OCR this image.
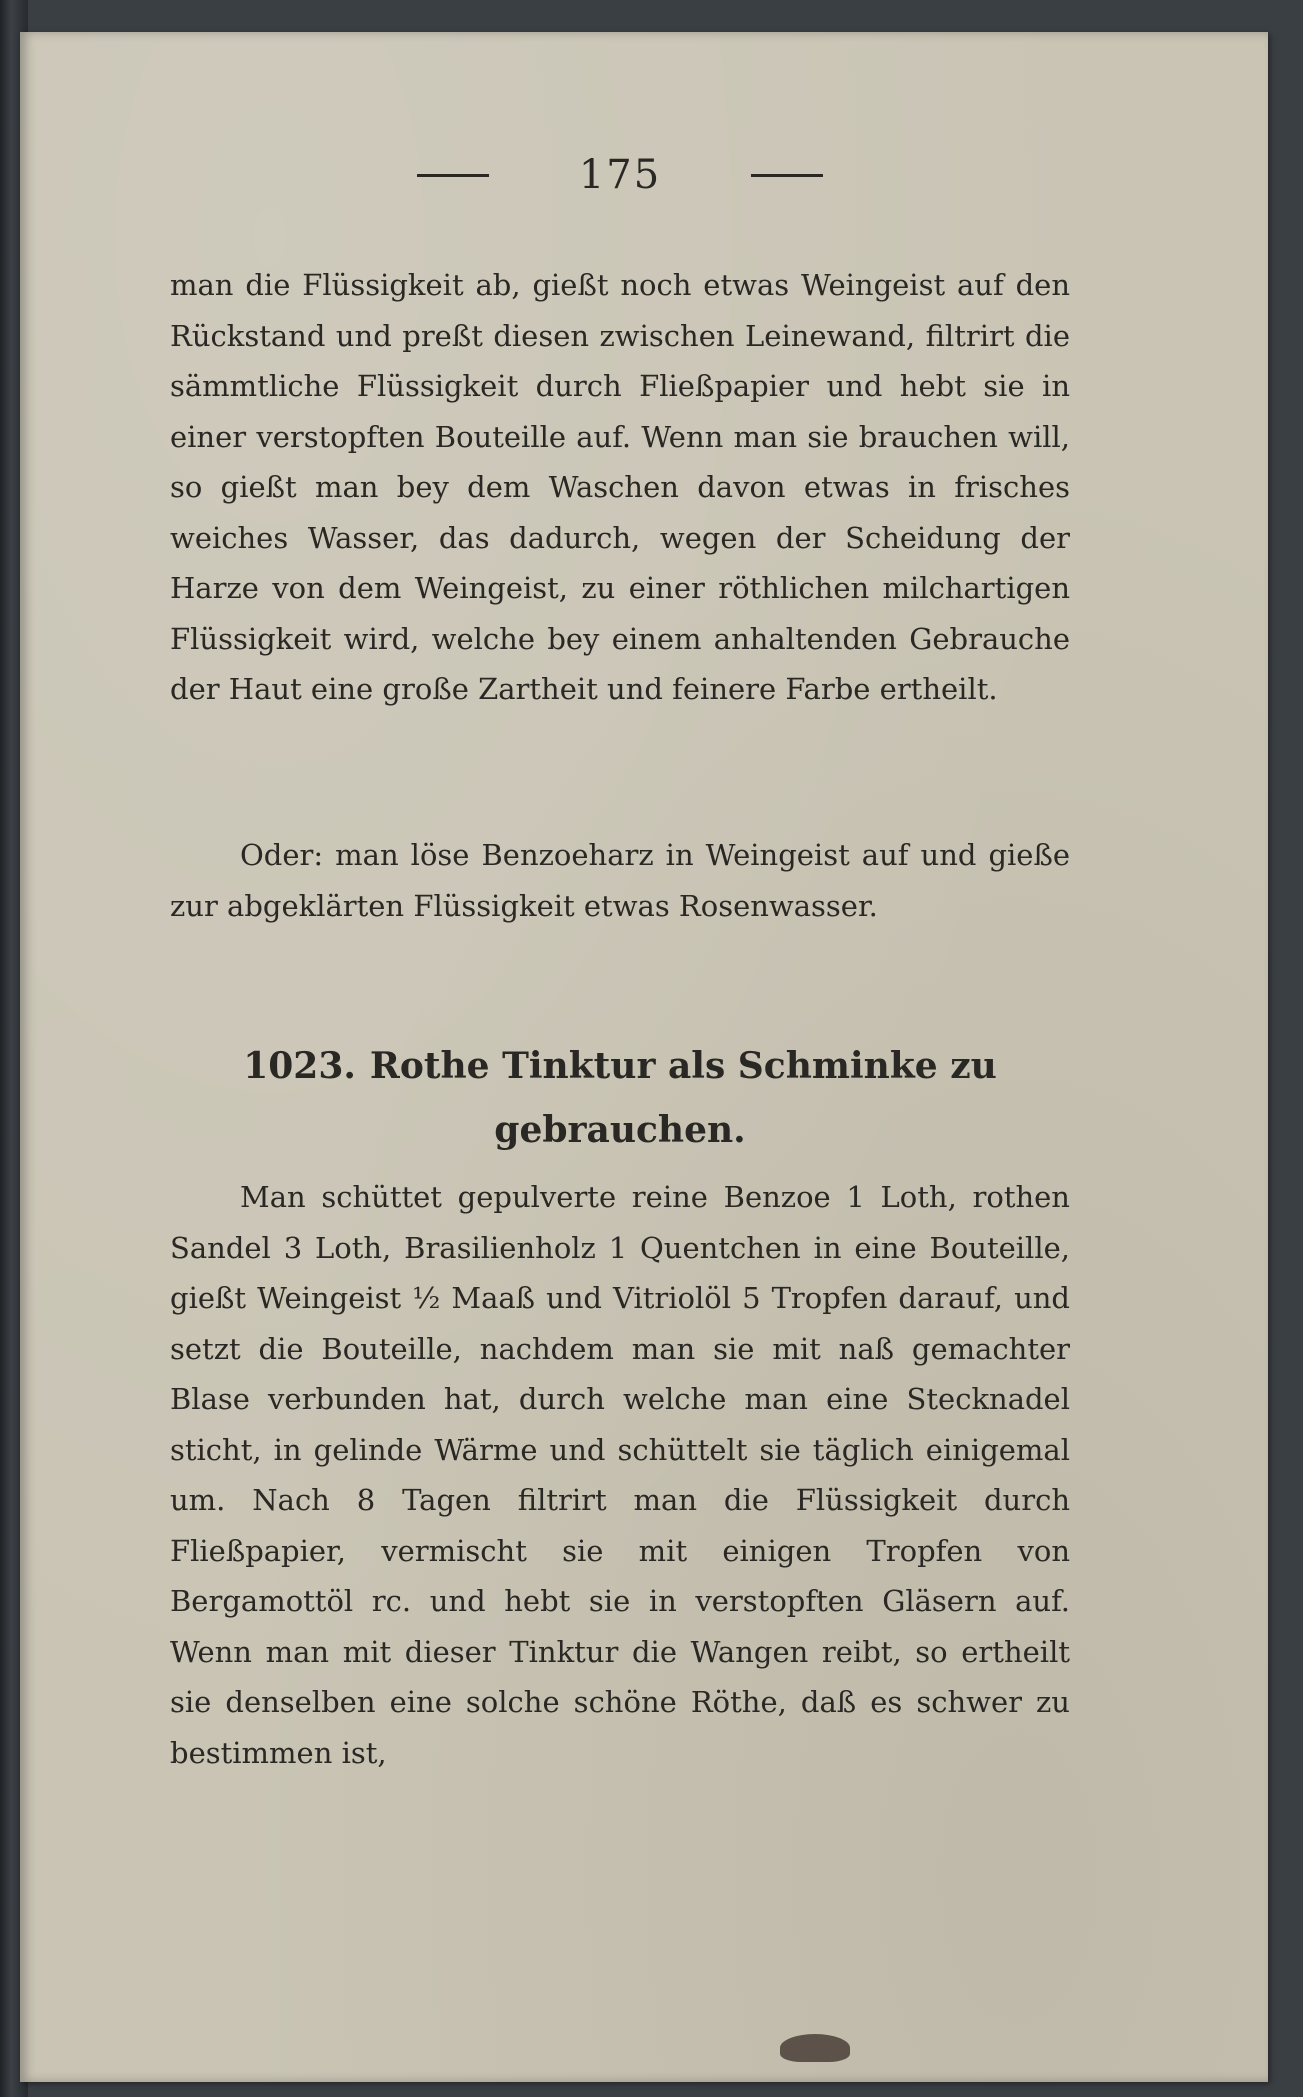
175

man die Flüssigkeit ab, gießt noch etwas Weingeist auf den Rückstand und preßt diesen zwischen Leinewand, filtrirt die sämmtliche Flüssigkeit durch Fließpapier und hebt sie in einer verstopften Bouteille auf. Wenn man sie brauchen will, so gießt man bey dem Waschen davon etwas in frisches weiches Wasser, das dadurch, wegen der Scheidung der Harze von dem Weingeist, zu einer röthlichen milchartigen Flüssigkeit wird, welche bey einem anhaltenden Gebrauche der Haut eine große Zartheit und feinere Farbe ertheilt.

Oder: man löse Benzoeharz in Weingeist auf und gieße zur abgeklärten Flüssigkeit etwas Rosenwasser.

1023. Rothe Tinktur als Schminke zu gebrauchen.

Man schüttet gepulverte reine Benzoe 1 Loth, rothen Sandel 3 Loth, Brasilienholz 1 Quentchen in eine Bouteille, gießt Weingeist ½ Maaß und Vitriolöl 5 Tropfen darauf, und setzt die Bouteille, nachdem man sie mit naß gemachter Blase verbunden hat, durch welche man eine Stecknadel sticht, in gelinde Wärme und schüttelt sie täglich einigemal um. Nach 8 Tagen filtrirt man die Flüssigkeit durch Fließpapier, vermischt sie mit einigen Tropfen von Bergamottöl rc. und hebt sie in verstopften Gläsern auf. Wenn man mit dieser Tinktur die Wangen reibt, so ertheilt sie denselben eine solche schöne Röthe, daß es schwer zu bestimmen ist,
